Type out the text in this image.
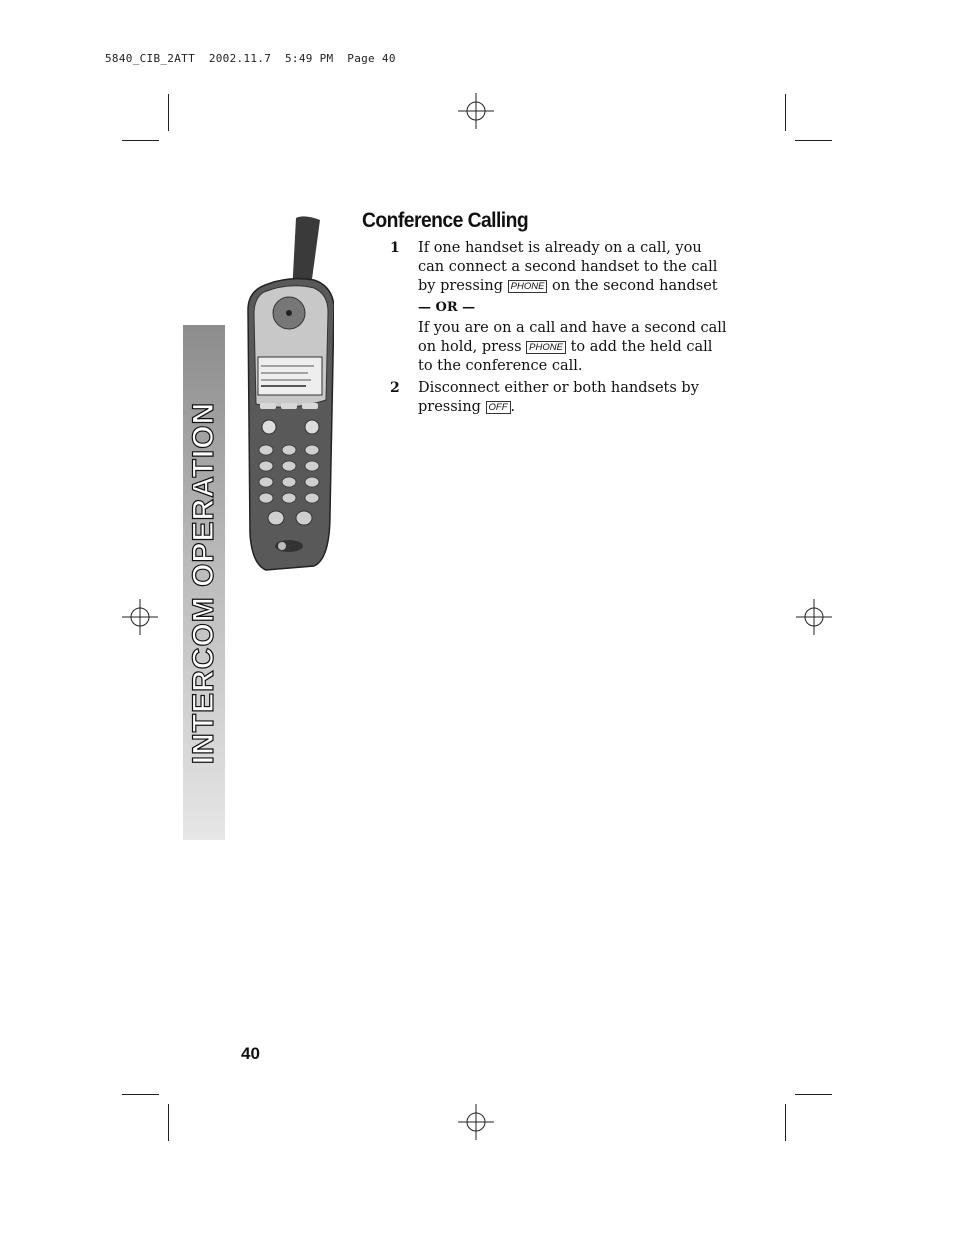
5840_CIB_2ATT  2002.11.7  5:49 PM  Page 40
INTERCOM OPERATION
Conference Calling
1 If one handset is already on a call, you can connect a second handset to the call by pressing PHONE on the second handset
— OR —
If you are on a call and have a second call on hold, press PHONE to add the held call to the conference call.
2 Disconnect either or both handsets by pressing OFF .
40
